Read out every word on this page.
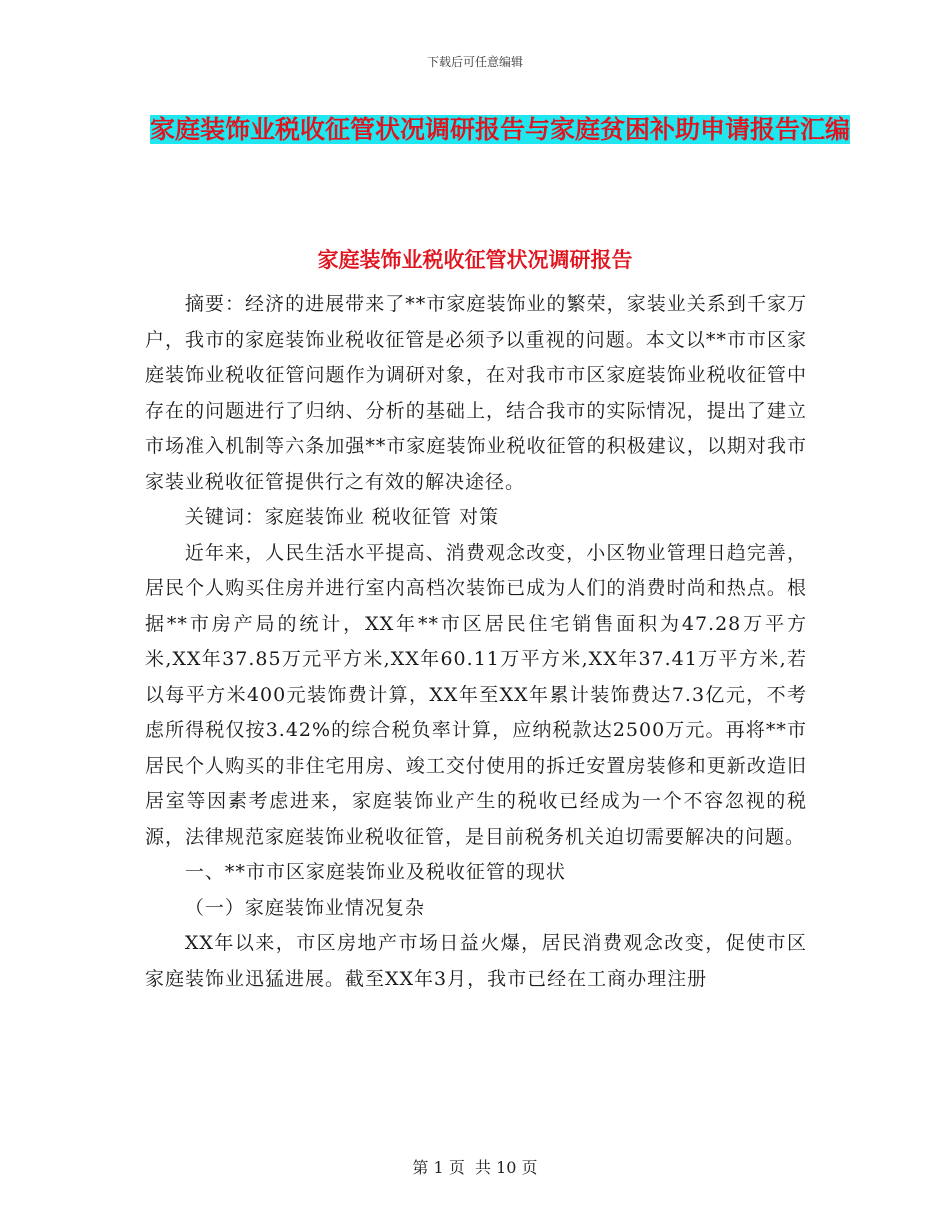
下载后可任意编辑
家庭装饰业税收征管状况调研报告与家庭贫困补助申请报告汇编
家庭装饰业税收征管状况调研报告

摘要：经济的进展带来了**市家庭装饰业的繁荣，家装业关系到千家万户，我市的家庭装饰业税收征管是必须予以重视的问题。本文以**市市区家庭装饰业税收征管问题作为调研对象，在对我市市区家庭装饰业税收征管中存在的问题进行了归纳、分析的基础上，结合我市的实际情况，提出了建立市场准入机制等六条加强**市家庭装饰业税收征管的积极建议，以期对我市家装业税收征管提供行之有效的解决途径。

关键词：家庭装饰业 税收征管 对策

近年来，人民生活水平提高、消费观念改变，小区物业管理日趋完善，居民个人购买住房并进行室内高档次装饰已成为人们的消费时尚和热点。根据**市房产局的统计，XX年**市区居民住宅销售面积为47.28万平方米,XX年37.85万元平方米,XX年60.11万平方米,XX年37.41万平方米,若以每平方米400元装饰费计算，XX年至XX年累计装饰费达7.3亿元，不考虑所得税仅按3.42%的综合税负率计算，应纳税款达2500万元。再将**市居民个人购买的非住宅用房、竣工交付使用的拆迁安置房装修和更新改造旧居室等因素考虑进来，家庭装饰业产生的税收已经成为一个不容忽视的税源，法律规范家庭装饰业税收征管，是目前税务机关迫切需要解决的问题。

一、**市市区家庭装饰业及税收征管的现状

（一）家庭装饰业情况复杂

XX年以来，市区房地产市场日益火爆，居民消费观念改变，促使市区家庭装饰业迅猛进展。截至XX年3月，我市已经在工商办理注册

第 1 页  共 10 页
